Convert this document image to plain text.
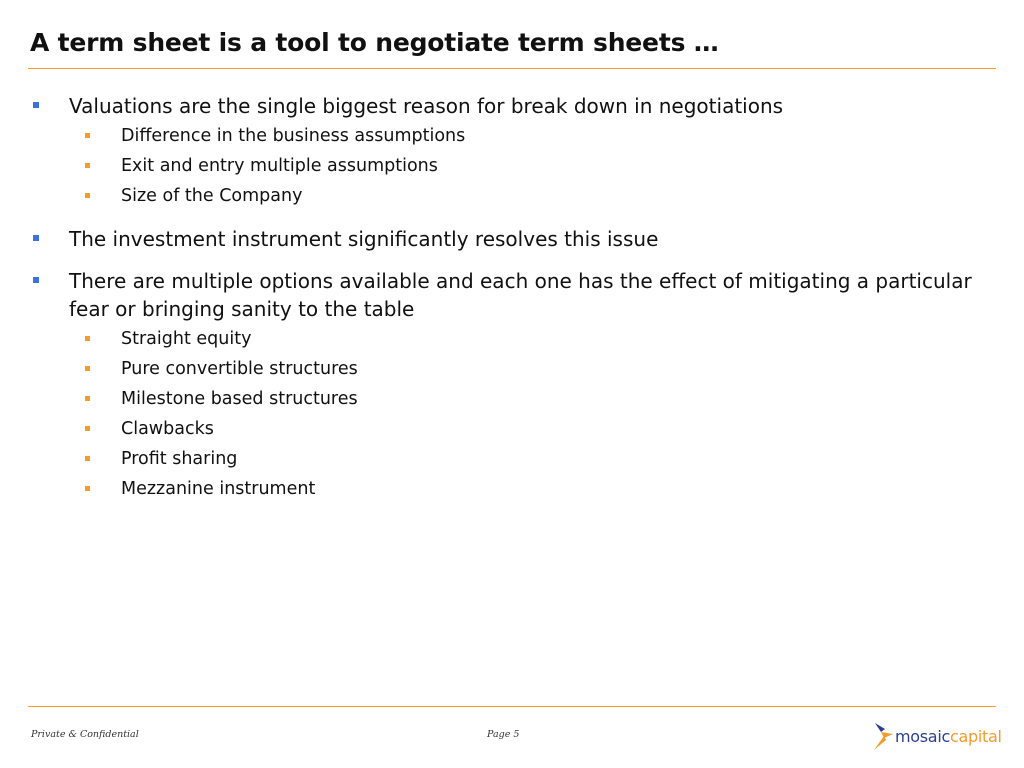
A term sheet is a tool to negotiate term sheets …
Valuations are the single biggest reason for break down in negotiations
Difference in the business assumptions
Exit and entry multiple assumptions
Size of the Company
The investment instrument significantly resolves this issue
There are multiple options available and each one has the effect of mitigating a particular fear or bringing sanity to the table
Straight equity
Pure convertible structures
Milestone based structures
Clawbacks
Profit sharing
Mezzanine instrument
Private & Confidential	Page 5	mosaiccapital
